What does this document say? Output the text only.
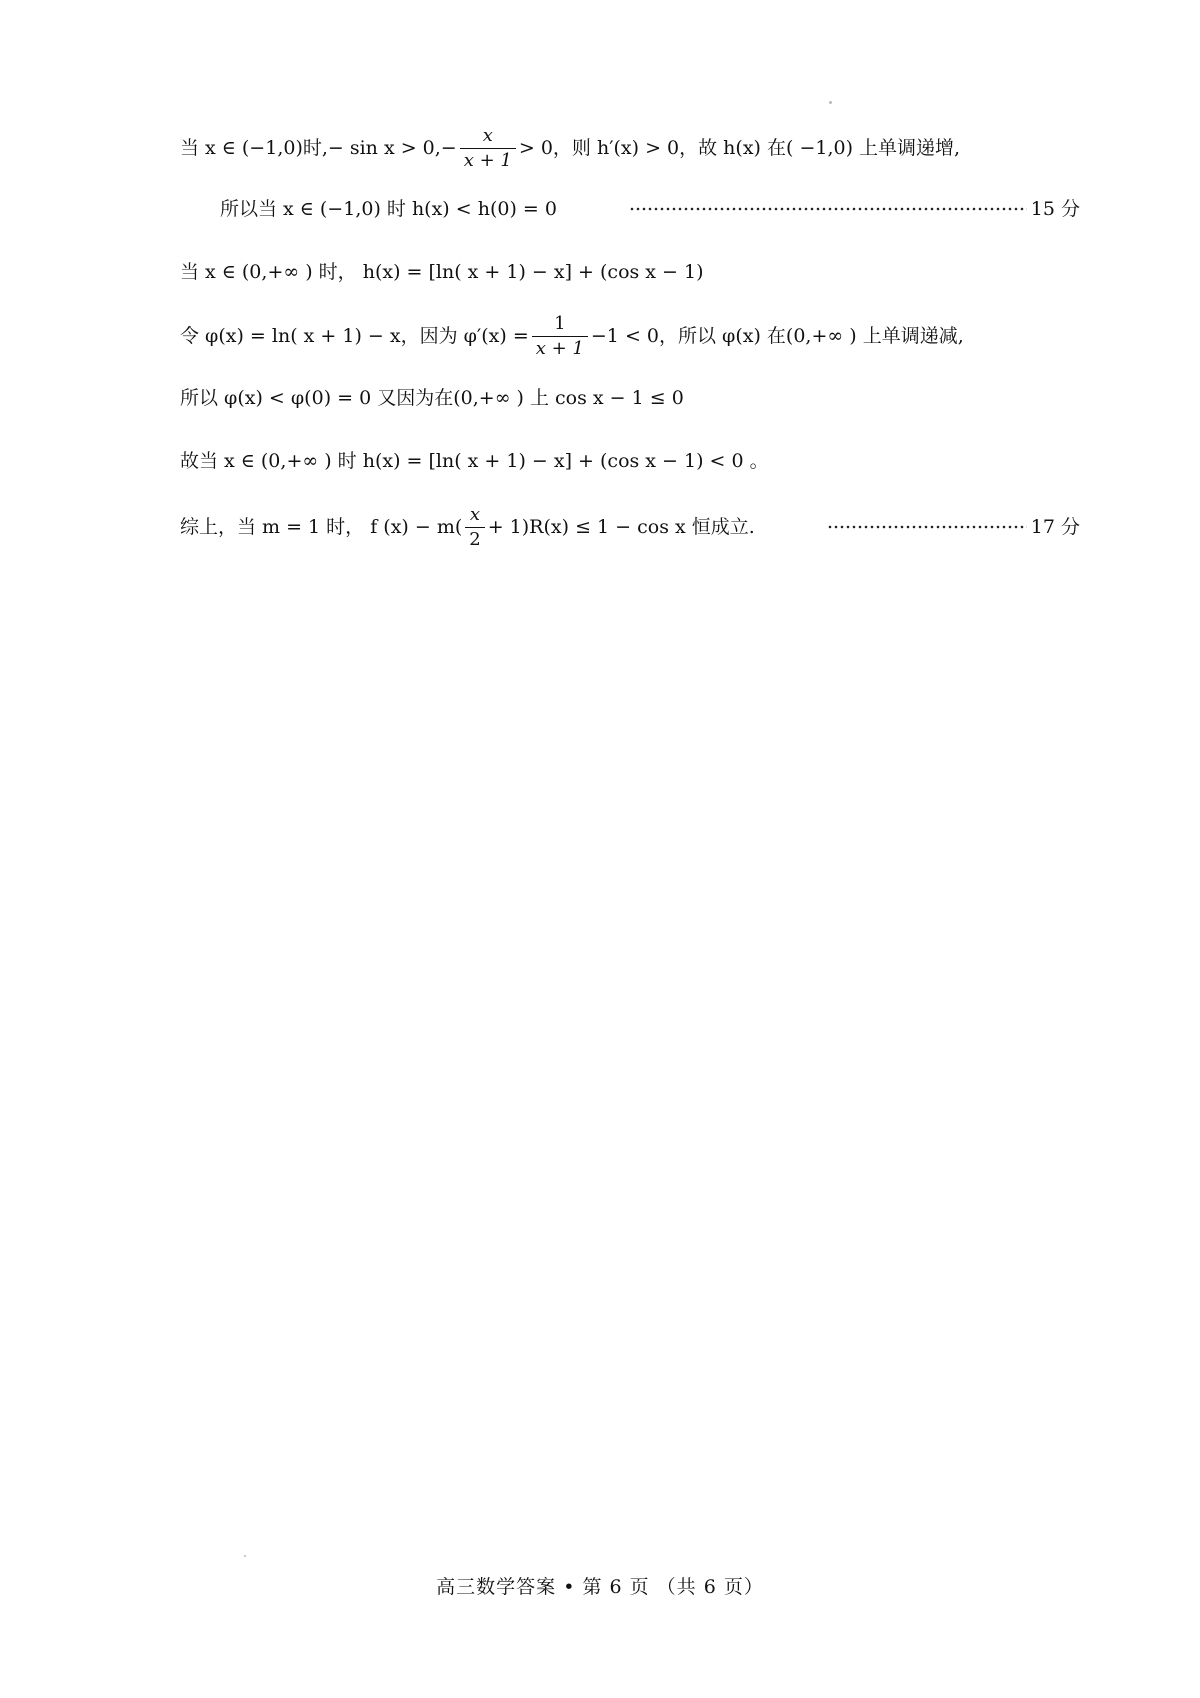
当 x ∈ (−1,0)时,− $\sin x > 0,- \frac{x}{x + 1} > 0$，则 h′(x) > 0，故 h(x) 在( −1,0) 上单调递增,
所以当 x ∈ (−1,0) 时 h(x) < h(0) = 0	15 分
当 x ∈ (0,+∞ ) 时， h(x) = [ln( x + 1) − x] + (cos x − 1)
令 φ(x) = ln( x + 1) − x，因为 $\varphi'(x) = \frac{1}{x + 1} -1 < 0$，所以 φ(x) 在(0,+∞ ) 上单调递减,
所以 φ(x) < φ(0) = 0 又因为在(0,+∞ ) 上 cos x − 1 ≤ 0
故当 x ∈ (0,+∞ ) 时 h(x) = [ln( x + 1) − x] + (cos x − 1) < 0 。
综上，当 m = 1 时， f $(x) - m( \frac{x}{2} + 1)R(x) \le 1 - \cos x$ 恒成立.	17 分
高三数学答案 • 第 6 页 （共 6 页）
